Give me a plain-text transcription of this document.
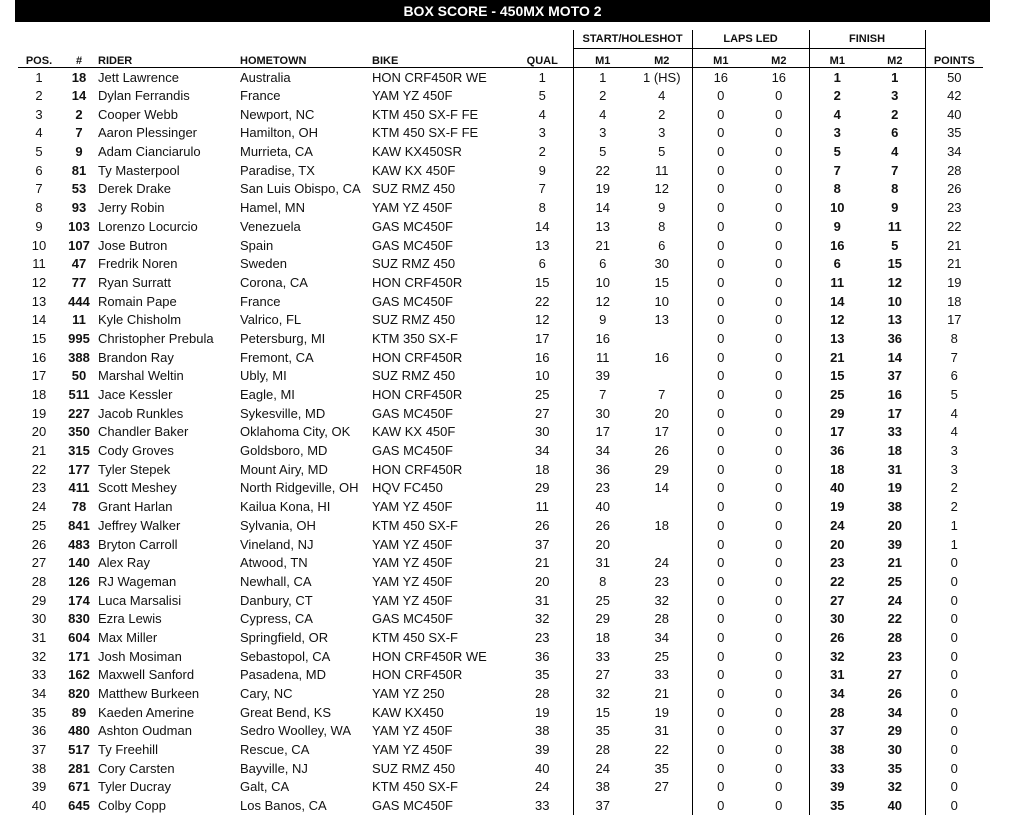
BOX SCORE - 450MX MOTO 2
						START/HOLESHOT		LAPS LED		FINISH		
POS.	#	RIDER	HOMETOWN	BIKE	QUAL	M1	M2	M1	M2	M1	M2	POINTS
1	18	Jett Lawrence	Australia	HON CRF450R WE	1	1	1 (HS)	16	16	1	1	50
2	14	Dylan Ferrandis	France	YAM YZ 450F	5	2	4	0	0	2	3	42
3	2	Cooper Webb	Newport, NC	KTM 450 SX-F FE	4	4	2	0	0	4	2	40
4	7	Aaron Plessinger	Hamilton, OH	KTM 450 SX-F FE	3	3	3	0	0	3	6	35
5	9	Adam Cianciarulo	Murrieta, CA	KAW KX450SR	2	5	5	0	0	5	4	34
6	81	Ty Masterpool	Paradise, TX	KAW KX 450F	9	22	11	0	0	7	7	28
7	53	Derek Drake	San Luis Obispo, CA	SUZ RMZ 450	7	19	12	0	0	8	8	26
8	93	Jerry Robin	Hamel, MN	YAM YZ 450F	8	14	9	0	0	10	9	23
9	103	Lorenzo Locurcio	Venezuela	GAS MC450F	14	13	8	0	0	9	11	22
10	107	Jose Butron	Spain	GAS MC450F	13	21	6	0	0	16	5	21
11	47	Fredrik Noren	Sweden	SUZ RMZ 450	6	6	30	0	0	6	15	21
12	77	Ryan Surratt	Corona, CA	HON CRF450R	15	10	15	0	0	11	12	19
13	444	Romain Pape	France	GAS MC450F	22	12	10	0	0	14	10	18
14	11	Kyle Chisholm	Valrico, FL	SUZ RMZ 450	12	9	13	0	0	12	13	17
15	995	Christopher Prebula	Petersburg, MI	KTM 350 SX-F	17	16		0	0	13	36	8
16	388	Brandon Ray	Fremont, CA	HON CRF450R	16	11	16	0	0	21	14	7
17	50	Marshal Weltin	Ubly, MI	SUZ RMZ 450	10	39		0	0	15	37	6
18	511	Jace Kessler	Eagle, MI	HON CRF450R	25	7	7	0	0	25	16	5
19	227	Jacob Runkles	Sykesville, MD	GAS MC450F	27	30	20	0	0	29	17	4
20	350	Chandler Baker	Oklahoma City, OK	KAW KX 450F	30	17	17	0	0	17	33	4
21	315	Cody Groves	Goldsboro, MD	GAS MC450F	34	34	26	0	0	36	18	3
22	177	Tyler Stepek	Mount Airy, MD	HON CRF450R	18	36	29	0	0	18	31	3
23	411	Scott Meshey	North Ridgeville, OH	HQV FC450	29	23	14	0	0	40	19	2
24	78	Grant Harlan	Kailua Kona, HI	YAM YZ 450F	11	40		0	0	19	38	2
25	841	Jeffrey Walker	Sylvania, OH	KTM 450 SX-F	26	26	18	0	0	24	20	1
26	483	Bryton Carroll	Vineland, NJ	YAM YZ 450F	37	20		0	0	20	39	1
27	140	Alex Ray	Atwood, TN	YAM YZ 450F	21	31	24	0	0	23	21	0
28	126	RJ Wageman	Newhall, CA	YAM YZ 450F	20	8	23	0	0	22	25	0
29	174	Luca Marsalisi	Danbury, CT	YAM YZ 450F	31	25	32	0	0	27	24	0
30	830	Ezra Lewis	Cypress, CA	GAS MC450F	32	29	28	0	0	30	22	0
31	604	Max Miller	Springfield, OR	KTM 450 SX-F	23	18	34	0	0	26	28	0
32	171	Josh Mosiman	Sebastopol, CA	HON CRF450R WE	36	33	25	0	0	32	23	0
33	162	Maxwell Sanford	Pasadena, MD	HON CRF450R	35	27	33	0	0	31	27	0
34	820	Matthew Burkeen	Cary, NC	YAM YZ 250	28	32	21	0	0	34	26	0
35	89	Kaeden Amerine	Great Bend, KS	KAW KX450	19	15	19	0	0	28	34	0
36	480	Ashton Oudman	Sedro Woolley, WA	YAM YZ 450F	38	35	31	0	0	37	29	0
37	517	Ty Freehill	Rescue, CA	YAM YZ 450F	39	28	22	0	0	38	30	0
38	281	Cory Carsten	Bayville, NJ	SUZ RMZ 450	40	24	35	0	0	33	35	0
39	671	Tyler Ducray	Galt, CA	KTM 450 SX-F	24	38	27	0	0	39	32	0
40	645	Colby Copp	Los Banos, CA	GAS MC450F	33	37		0	0	35	40	0
